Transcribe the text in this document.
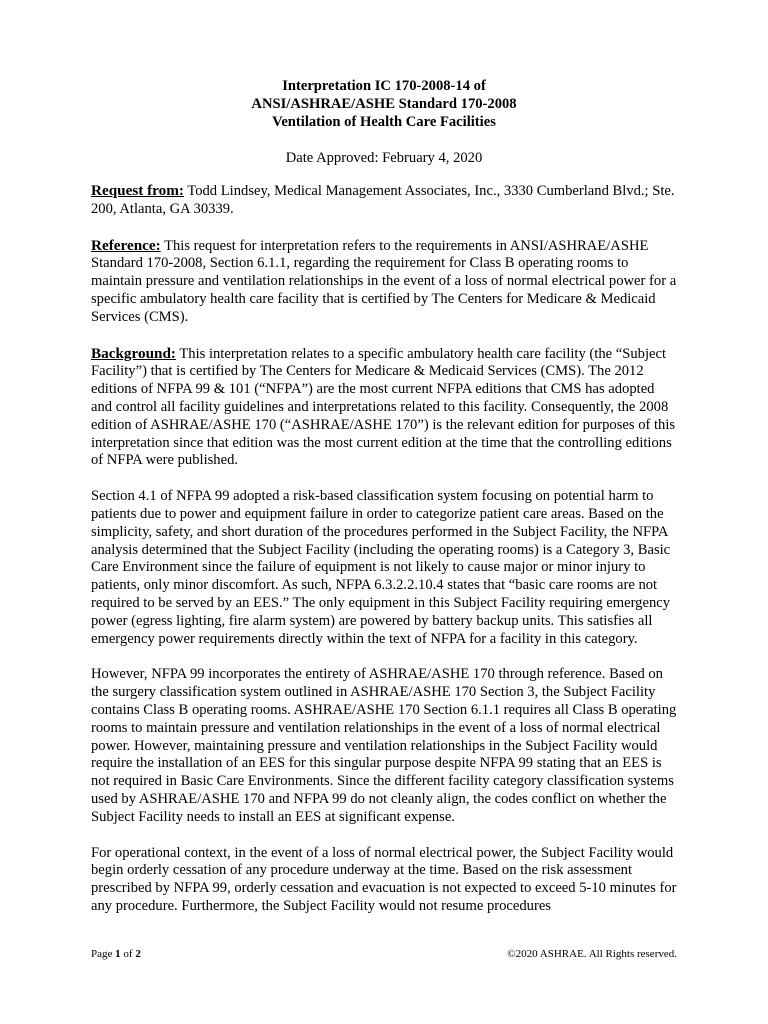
Interpretation IC 170-2008-14 of
ANSI/ASHRAE/ASHE Standard 170-2008
Ventilation of Health Care Facilities
Date Approved: February 4, 2020

Request from: Todd Lindsey, Medical Management Associates, Inc., 3330 Cumberland Blvd.; Ste. 200, Atlanta, GA 30339.

Reference: This request for interpretation refers to the requirements in ANSI/ASHRAE/ASHE Standard 170-2008, Section 6.1.1, regarding the requirement for Class B operating rooms to maintain pressure and ventilation relationships in the event of a loss of normal electrical power for a specific ambulatory health care facility that is certified by The Centers for Medicare & Medicaid Services (CMS).

Background: This interpretation relates to a specific ambulatory health care facility (the “Subject Facility”) that is certified by The Centers for Medicare & Medicaid Services (CMS). The 2012 editions of NFPA 99 & 101 (“NFPA”) are the most current NFPA editions that CMS has adopted and control all facility guidelines and interpretations related to this facility. Consequently, the 2008 edition of ASHRAE/ASHE 170 (“ASHRAE/ASHE 170”) is the relevant edition for purposes of this interpretation since that edition was the most current edition at the time that the controlling editions of NFPA were published.

Section 4.1 of NFPA 99 adopted a risk-based classification system focusing on potential harm to patients due to power and equipment failure in order to categorize patient care areas. Based on the simplicity, safety, and short duration of the procedures performed in the Subject Facility, the NFPA analysis determined that the Subject Facility (including the operating rooms) is a Category 3, Basic Care Environment since the failure of equipment is not likely to cause major or minor injury to patients, only minor discomfort. As such, NFPA 6.3.2.2.10.4 states that “basic care rooms are not required to be served by an EES.” The only equipment in this Subject Facility requiring emergency power (egress lighting, fire alarm system) are powered by battery backup units. This satisfies all emergency power requirements directly within the text of NFPA for a facility in this category.

However, NFPA 99 incorporates the entirety of ASHRAE/ASHE 170 through reference. Based on the surgery classification system outlined in ASHRAE/ASHE 170 Section 3, the Subject Facility contains Class B operating rooms. ASHRAE/ASHE 170 Section 6.1.1 requires all Class B operating rooms to maintain pressure and ventilation relationships in the event of a loss of normal electrical power. However, maintaining pressure and ventilation relationships in the Subject Facility would require the installation of an EES for this singular purpose despite NFPA 99 stating that an EES is not required in Basic Care Environments. Since the different facility category classification systems used by ASHRAE/ASHE 170 and NFPA 99 do not cleanly align, the codes conflict on whether the Subject Facility needs to install an EES at significant expense.

For operational context, in the event of a loss of normal electrical power, the Subject Facility would begin orderly cessation of any procedure underway at the time. Based on the risk assessment prescribed by NFPA 99, orderly cessation and evacuation is not expected to exceed 5-10 minutes for any procedure. Furthermore, the Subject Facility would not resume procedures

Page 1 of 2	©2020 ASHRAE. All Rights reserved.
